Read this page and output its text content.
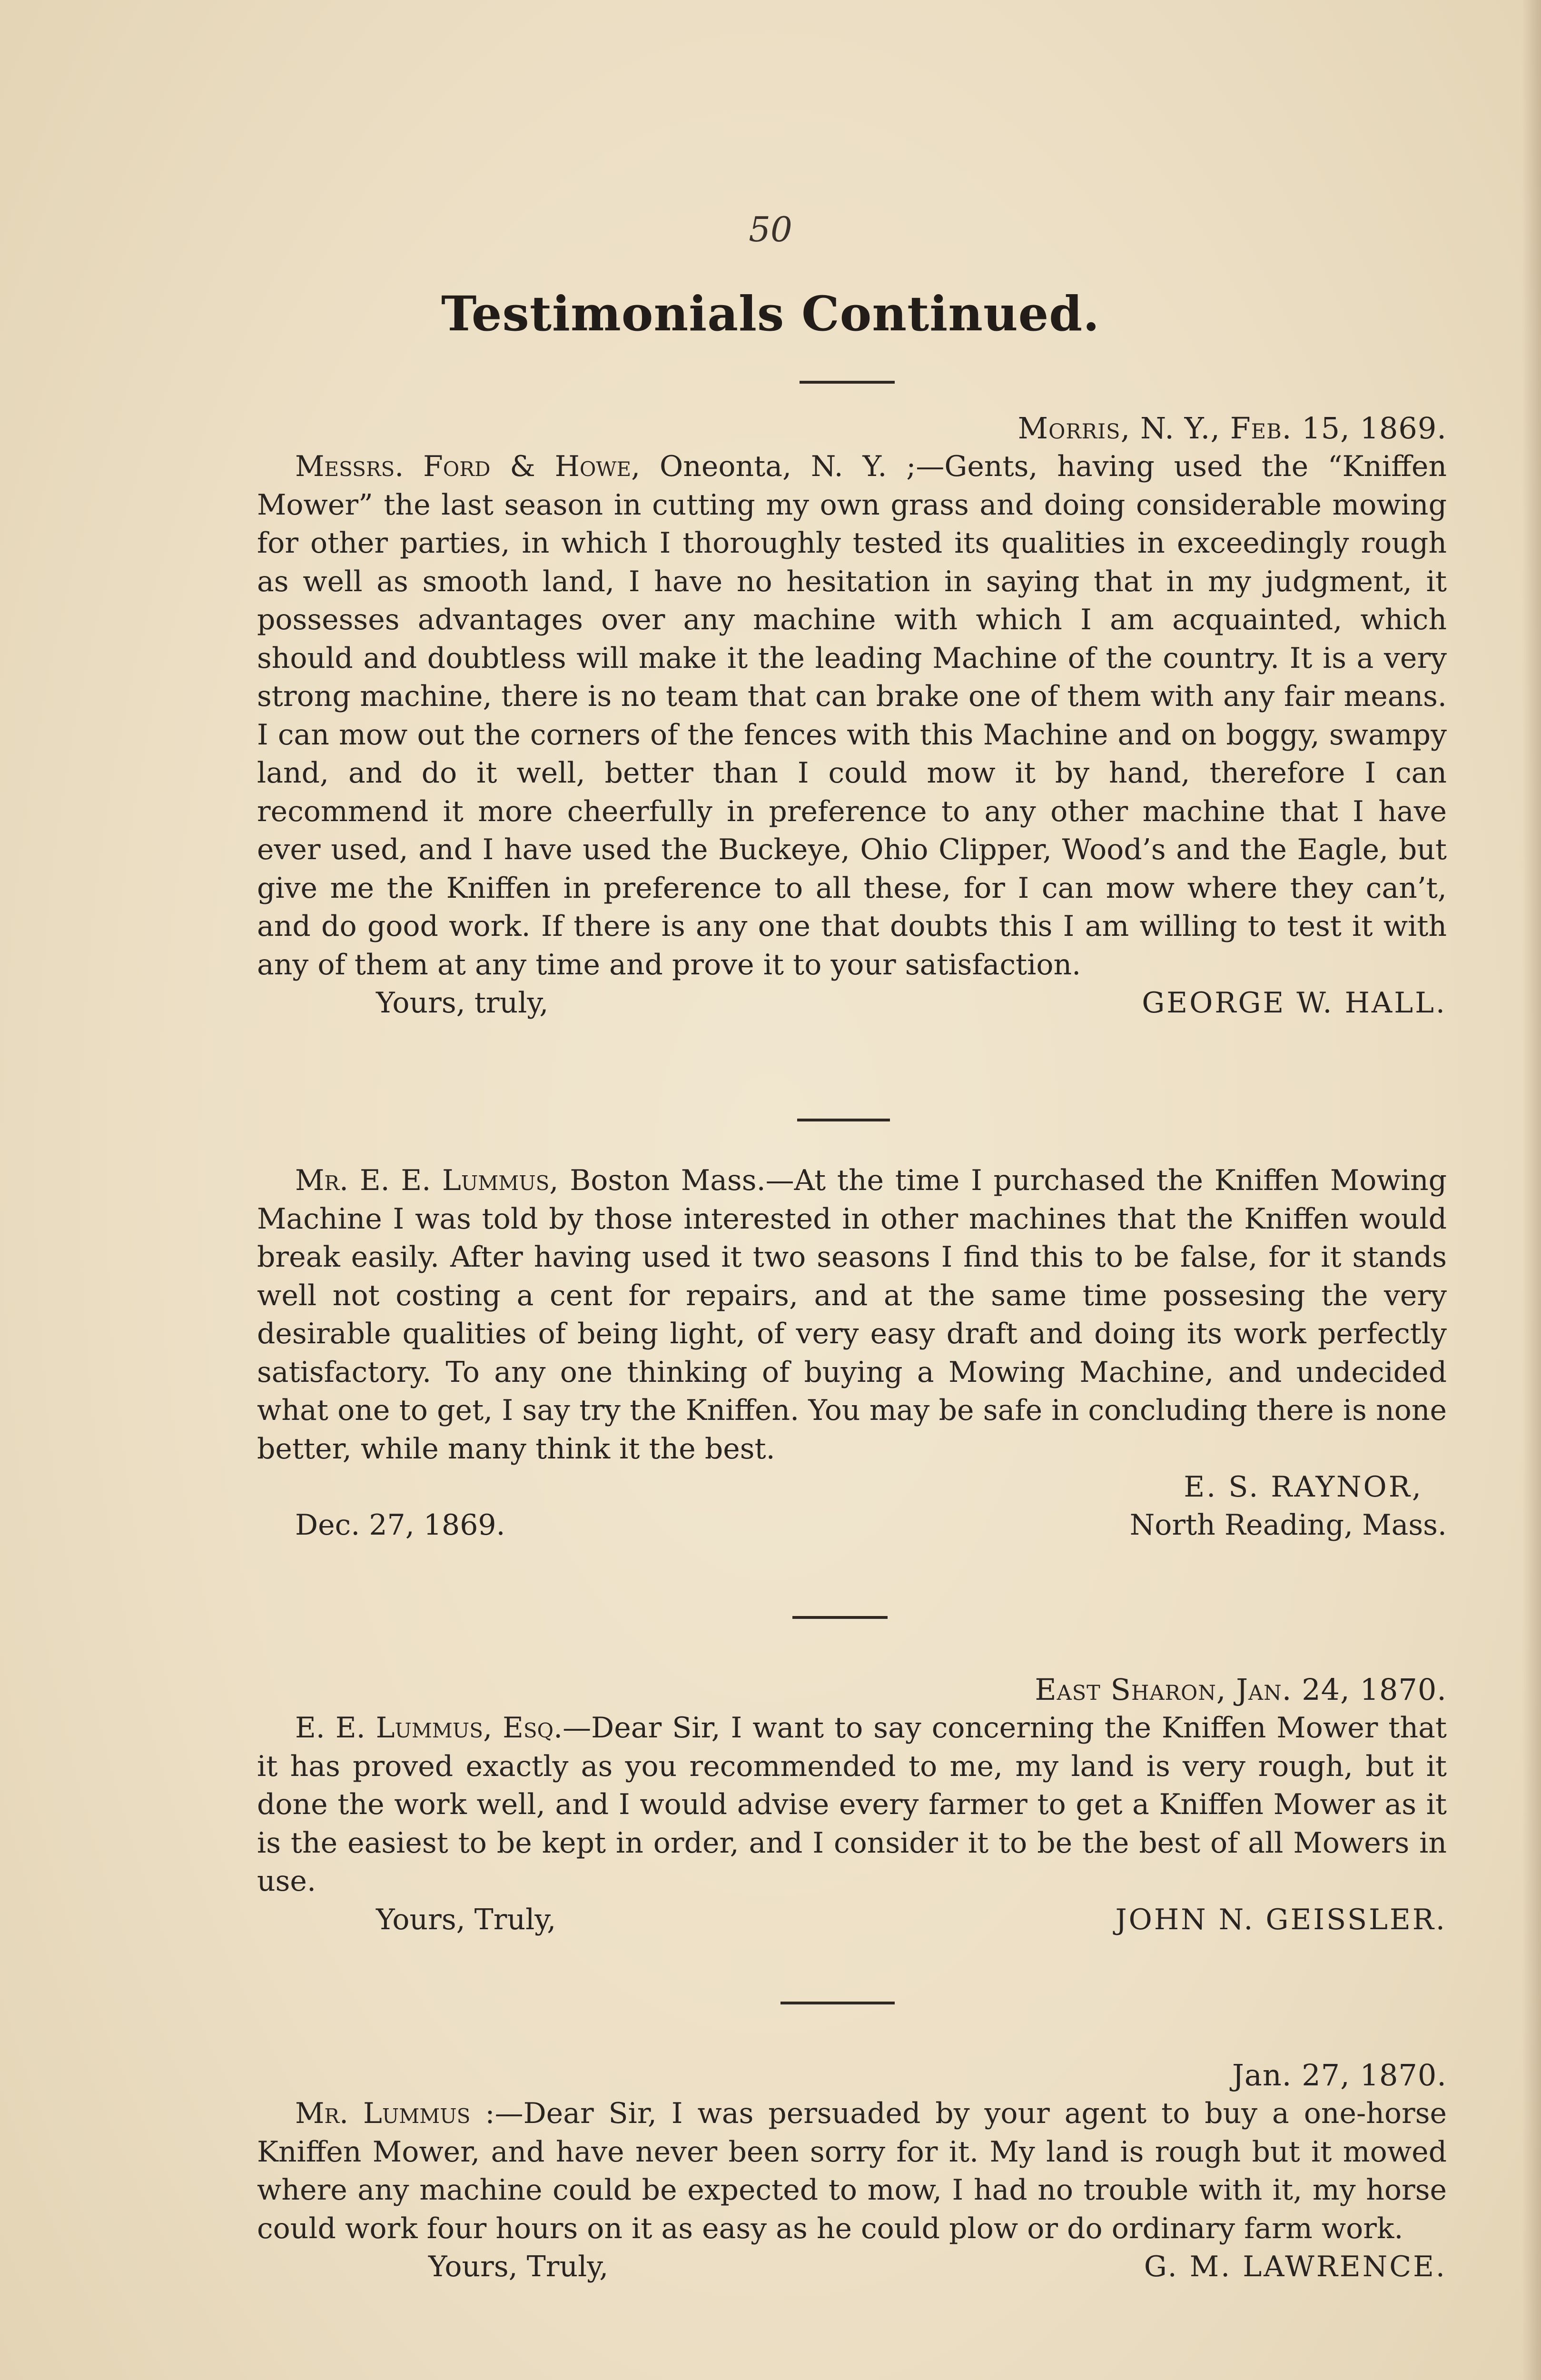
50
Testimonials Continued.
Morris, N. Y., Feb. 15, 1869.

Messrs. Ford & Howe, Oneonta, N. Y. ;—Gents, having used the “Kniffen Mower” the last season in cutting my own grass and doing considerable mowing for other parties, in which I thoroughly tested its qualities in exceedingly rough as well as smooth land, I have no hesitation in saying that in my judgment, it possesses advantages over any machine with which I am acquainted, which should and doubtless will make it the leading Machine of the country. It is a very strong machine, there is no team that can brake one of them with any fair means. I can mow out the corners of the fences with this Machine and on boggy, swampy land, and do it well, better than I could mow it by hand, therefore I can recommend it more cheerfully in preference to any other machine that I have ever used, and I have used the Buckeye, Ohio Clipper, Wood’s and the Eagle, but give me the Kniffen in preference to all these, for I can mow where they can’t, and do good work. If there is any one that doubts this I am willing to test it with any of them at any time and prove it to your satisfaction.

Yours, truly,	GEORGE W. HALL.

Mr. E. E. Lummus, Boston Mass.—At the time I purchased the Kniffen Mowing Machine I was told by those interested in other machines that the Kniffen would break easily. After having used it two seasons I find this to be false, for it stands well not costing a cent for repairs, and at the same time possesing the very desirable qualities of being light, of very easy draft and doing its work perfectly satisfactory. To any one thinking of buying a Mowing Machine, and undecided what one to get, I say try the Kniffen. You may be safe in concluding there is none better, while many think it the best.

Dec. 27, 1869.
E. S. RAYNOR,
North Reading, Mass.
East Sharon, Jan. 24, 1870.

E. E. Lummus, Esq.—Dear Sir, I want to say concerning the Kniffen Mower that it has proved exactly as you recommended to me, my land is very rough, but it done the work well, and I would advise every farmer to get a Kniffen Mower as it is the easiest to be kept in order, and I consider it to be the best of all Mowers in use.

Yours, Truly,	JOHN N. GEISSLER.
Jan. 27, 1870.

Mr. Lummus :—Dear Sir, I was persuaded by your agent to buy a one-horse Kniffen Mower, and have never been sorry for it. My land is rough but it mowed where any machine could be expected to mow, I had no trouble with it, my horse could work four hours on it as easy as he could plow or do ordinary farm work.

Yours, Truly,	G. M. LAWRENCE.
